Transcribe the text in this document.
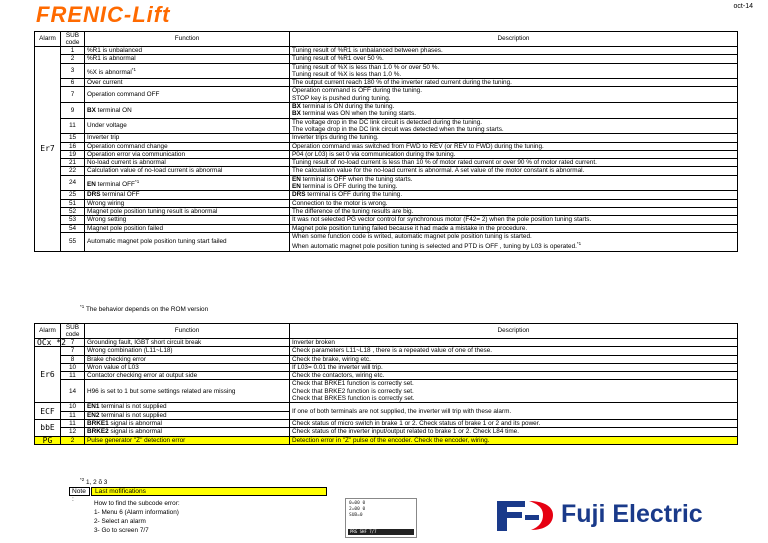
FRENIC-Lift	oct-14
Alarm	SUB code	Function	Description
Er7	1	%R1 is unbalanced	Tuning result of %R1 is unbalanced between phases.
	2	%R1 is abnormal	Tuning result of %R1 over 50 %.
	3	%X is abnormal$^{*1}$	Tuning result of %X is less than 1.0 % or over 50 %.
Tuning result of %X is less than 1.0 %.
	6	Over current	The output current reach 180 % of the inverter rated current during the tuning.
	7	Operation command OFF	Operation command is OFF during the tuning.
STOP key is pushed during tuning.
	9	BX terminal ON	BX terminal is ON during the tuning.
BX terminal was ON when the tuning starts.
	11	Under voltage	The voltage drop in the DC link circuit is detected during the tuning.
The voltage drop in the DC link circuit was detected when the tuning starts.
	15	Inverter trip	Inverter trips during the tuning.
	16	Operation command change	Operation command was switched from FWD to REV (or REV to FWD) during the tuning.
	19	Operation error via communication	P04 (or L03) is set 0 via communication during the tuning.
	21	No-load current is abnormal	Tuning result of no-load current is less than 10 % of motor rated current or over 90 % of motor rated current.
	22	Calculation value of no-load current is abnormal	The calculation value for the no-load current is abnormal. A set value of the motor constant is abnormal.
	24	EN terminal OFF$^{*1}$	EN terminal is OFF when the tuning starts.
EN terminal is OFF during the tuning.
	25	DRS terminal OFF	DRS terminal is OFF during the tuning.
	51	Wrong wiring	Connection to the motor is wrong.
	52	Magnet pole position tuning result is abnormal	The difference of the tuning results are big.
	53	Wrong setting	It was not selected PG vector control for synchronous motor (F42= 2) when the pole position tuning starts.
	54	Magnet pole position failed	Magnet pole position tuning failed because it had made a mistake in the procedure.
	55	Automatic magnet pole position tuning start failed	When some function code is writed, automatic magnet pole position tuning is started.
When automatic magnet pole position tuning is selected and PTD is OFF , tuning by L03 is operated.$^{*1}$
$^{*1}$ The behavior depends on the ROM version
Alarm	SUB code	Function	Description
OCx *2	7	Grounding fault, IGBT short circuit break	Inverter broken
Er6	7	Wrong combination (L11~L18)	Check parameters L11~L18 , there is a repeated value of one of these.
	8	Brake checking error	Check the brake, wiring etc.
	10	Wron value of L03	If L03= 0.01 the inverter will trip.
	11	Contactor checking error at output side	Check the contactors, wiring etc.
	14	H96 is set to 1 but some settings related are missing	Check that BRKE1 function is correctly set.
Check that BRKE2 function is correctly set.
Check that BRKES function is correctly set.
ECF	10	EN1 terminal is not supplied	If one of both terminals are not supplied, the inverter will trip with these alarm.
	11	EN2 terminal is not supplied	
bbE	11	BRKE1 signal is abnormal	Check status of micro switch in brake 1 or 2. Check status of brake 1 or 2 and its power.
	12	BRKE2 signal is abnormal	Check status of the inverter input/output related to brake 1 or 2. Check L84 time.
PG	2	Pulse generator "Z" detection error	Detection error in "Z" pulse of the encoder. Check the encoder, wiring.
$^{*2}$ 1, 2 õ 3
Note :
Last mofifications
How to find the subcode error:
1- Menu 6 (Alarm information)
2- Select an alarm
3- Go to screen 7/7
0=00 0
2=00 0
SUB=0
PRG SHF 7/7
Fuji Electric
